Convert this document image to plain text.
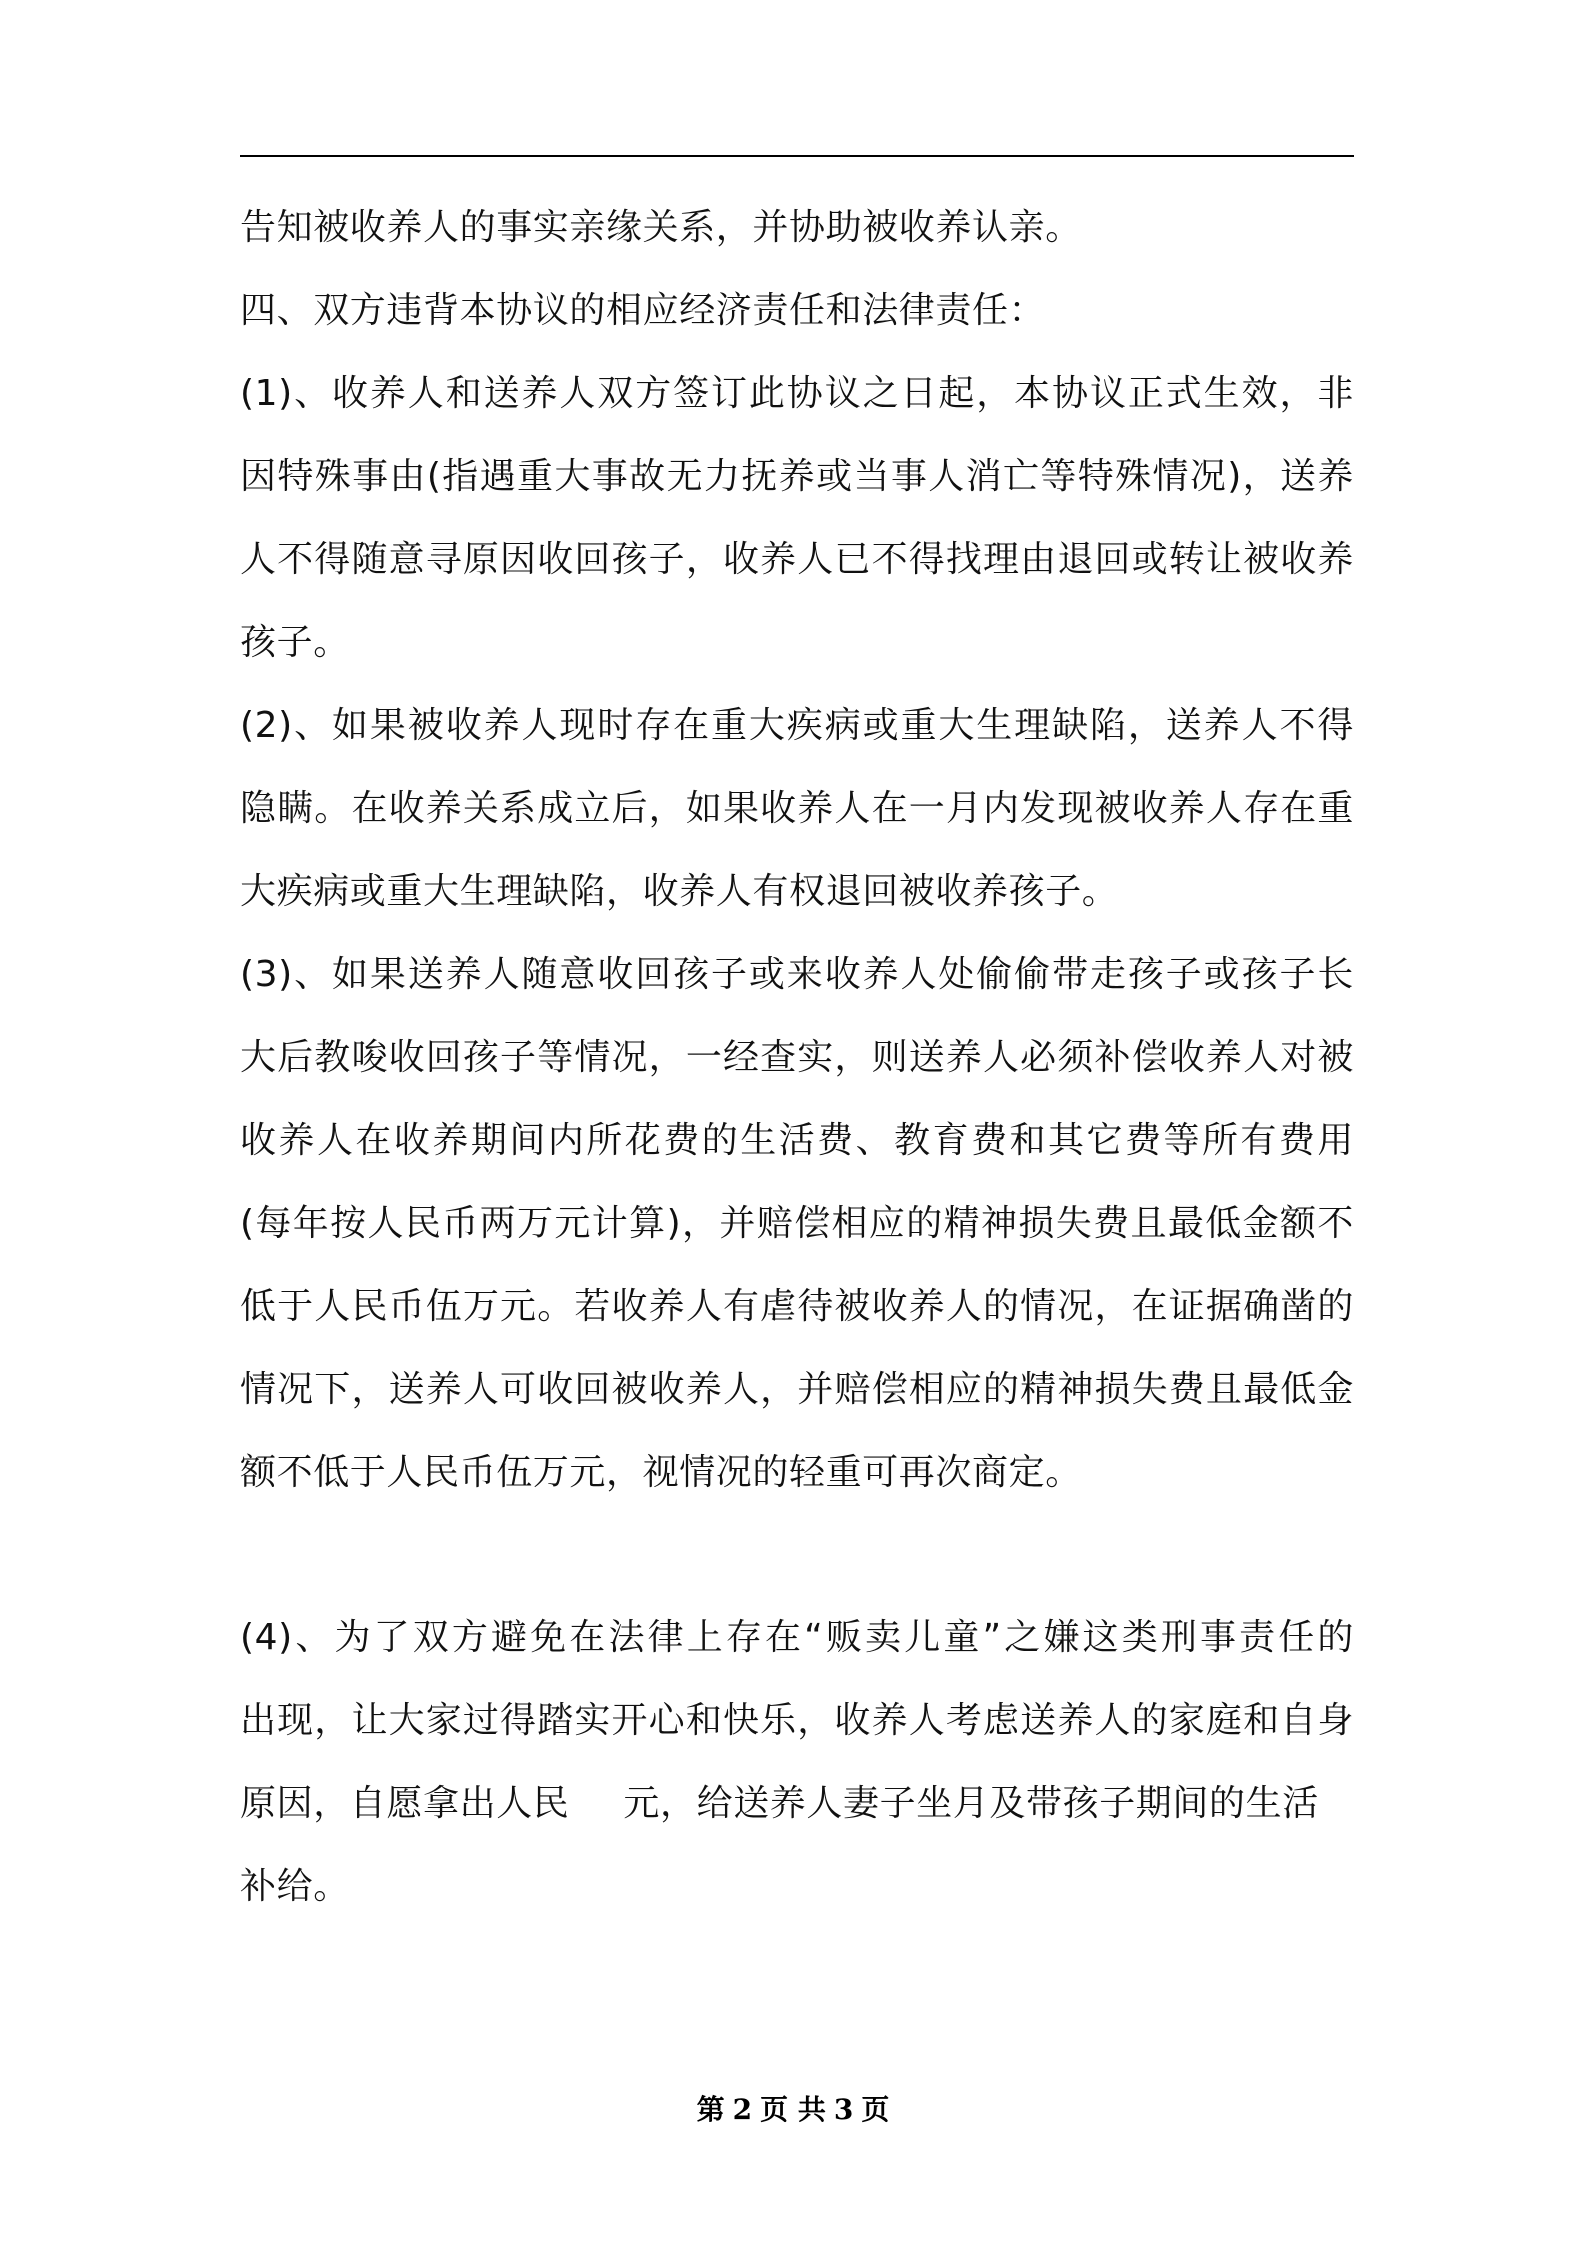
告知被收养人的事实亲缘关系，并协助被收养认亲。
四、双方违背本协议的相应经济责任和法律责任：
(1)、收养人和送养人双方签订此协议之日起，本协议正式生效，非
因特殊事由(指遇重大事故无力抚养或当事人消亡等特殊情况)，送养
人不得随意寻原因收回孩子，收养人已不得找理由退回或转让被收养
孩子。
(2)、如果被收养人现时存在重大疾病或重大生理缺陷，送养人不得
隐瞒。在收养关系成立后，如果收养人在一月内发现被收养人存在重
大疾病或重大生理缺陷，收养人有权退回被收养孩子。
(3)、如果送养人随意收回孩子或来收养人处偷偷带走孩子或孩子长
大后教唆收回孩子等情况，一经查实，则送养人必须补偿收养人对被
收养人在收养期间内所花费的生活费、教育费和其它费等所有费用
(每年按人民币两万元计算)，并赔偿相应的精神损失费且最低金额不
低于人民币伍万元。若收养人有虐待被收养人的情况，在证据确凿的
情况下，送养人可收回被收养人，并赔偿相应的精神损失费且最低金
额不低于人民币伍万元，视情况的轻重可再次商定。
(4)、为了双方避免在法律上存在“贩卖儿童”之嫌这类刑事责任的
出现，让大家过得踏实开心和快乐，收养人考虑送养人的家庭和自身
原因，自愿拿出人民 元，给送养人妻子坐月及带孩子期间的生活
补给。
第 2 页 共 3 页
